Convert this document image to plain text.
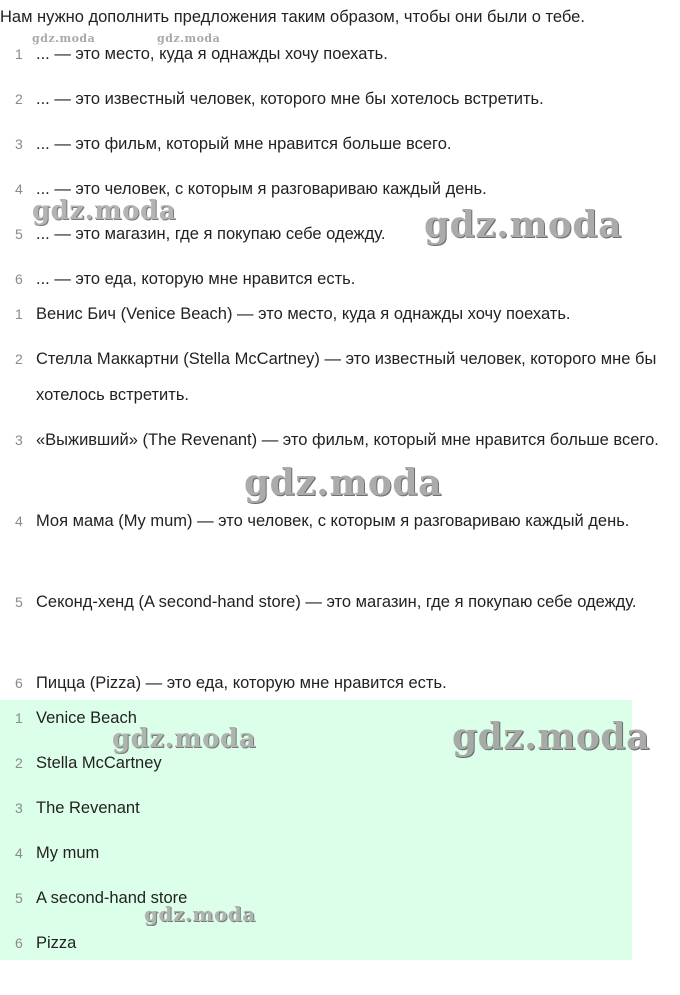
Нам нужно дополнить предложения таким образом, чтобы они были о тебе.

1 ... — это место, куда я однажды хочу поехать.
2 ... — это известный человек, которого мне бы хотелось встретить.
3 ... — это фильм, который мне нравится больше всего.
4 ... — это человек, с которым я разговариваю каждый день.
5 ... — это магазин, где я покупаю себе одежду.
6 ... — это еда, которую мне нравится есть.
1 Венис Бич (Venice Beach) — это место, куда я однажды хочу поехать.
2 Стелла Маккартни (Stella McCartney) — это известный человек, которого мне бы хотелось встретить.
3 «Выживший» (The Revenant) — это фильм, который мне нравится больше всего.
4 Моя мама (My mum) — это человек, с которым я разговариваю каждый день.
5 Секонд-хенд (A second-hand store) — это магазин, где я покупаю себе одежду.
6 Пицца (Pizza) — это еда, которую мне нравится есть.
1 Venice Beach
2 Stella McCartney
3 The Revenant
4 My mum
5 A second-hand store
6 Pizza
gdz.moda	gdz.moda
gdz.moda	gdz.moda
gdz.moda
gdz.moda	gdz.moda
gdz.moda
